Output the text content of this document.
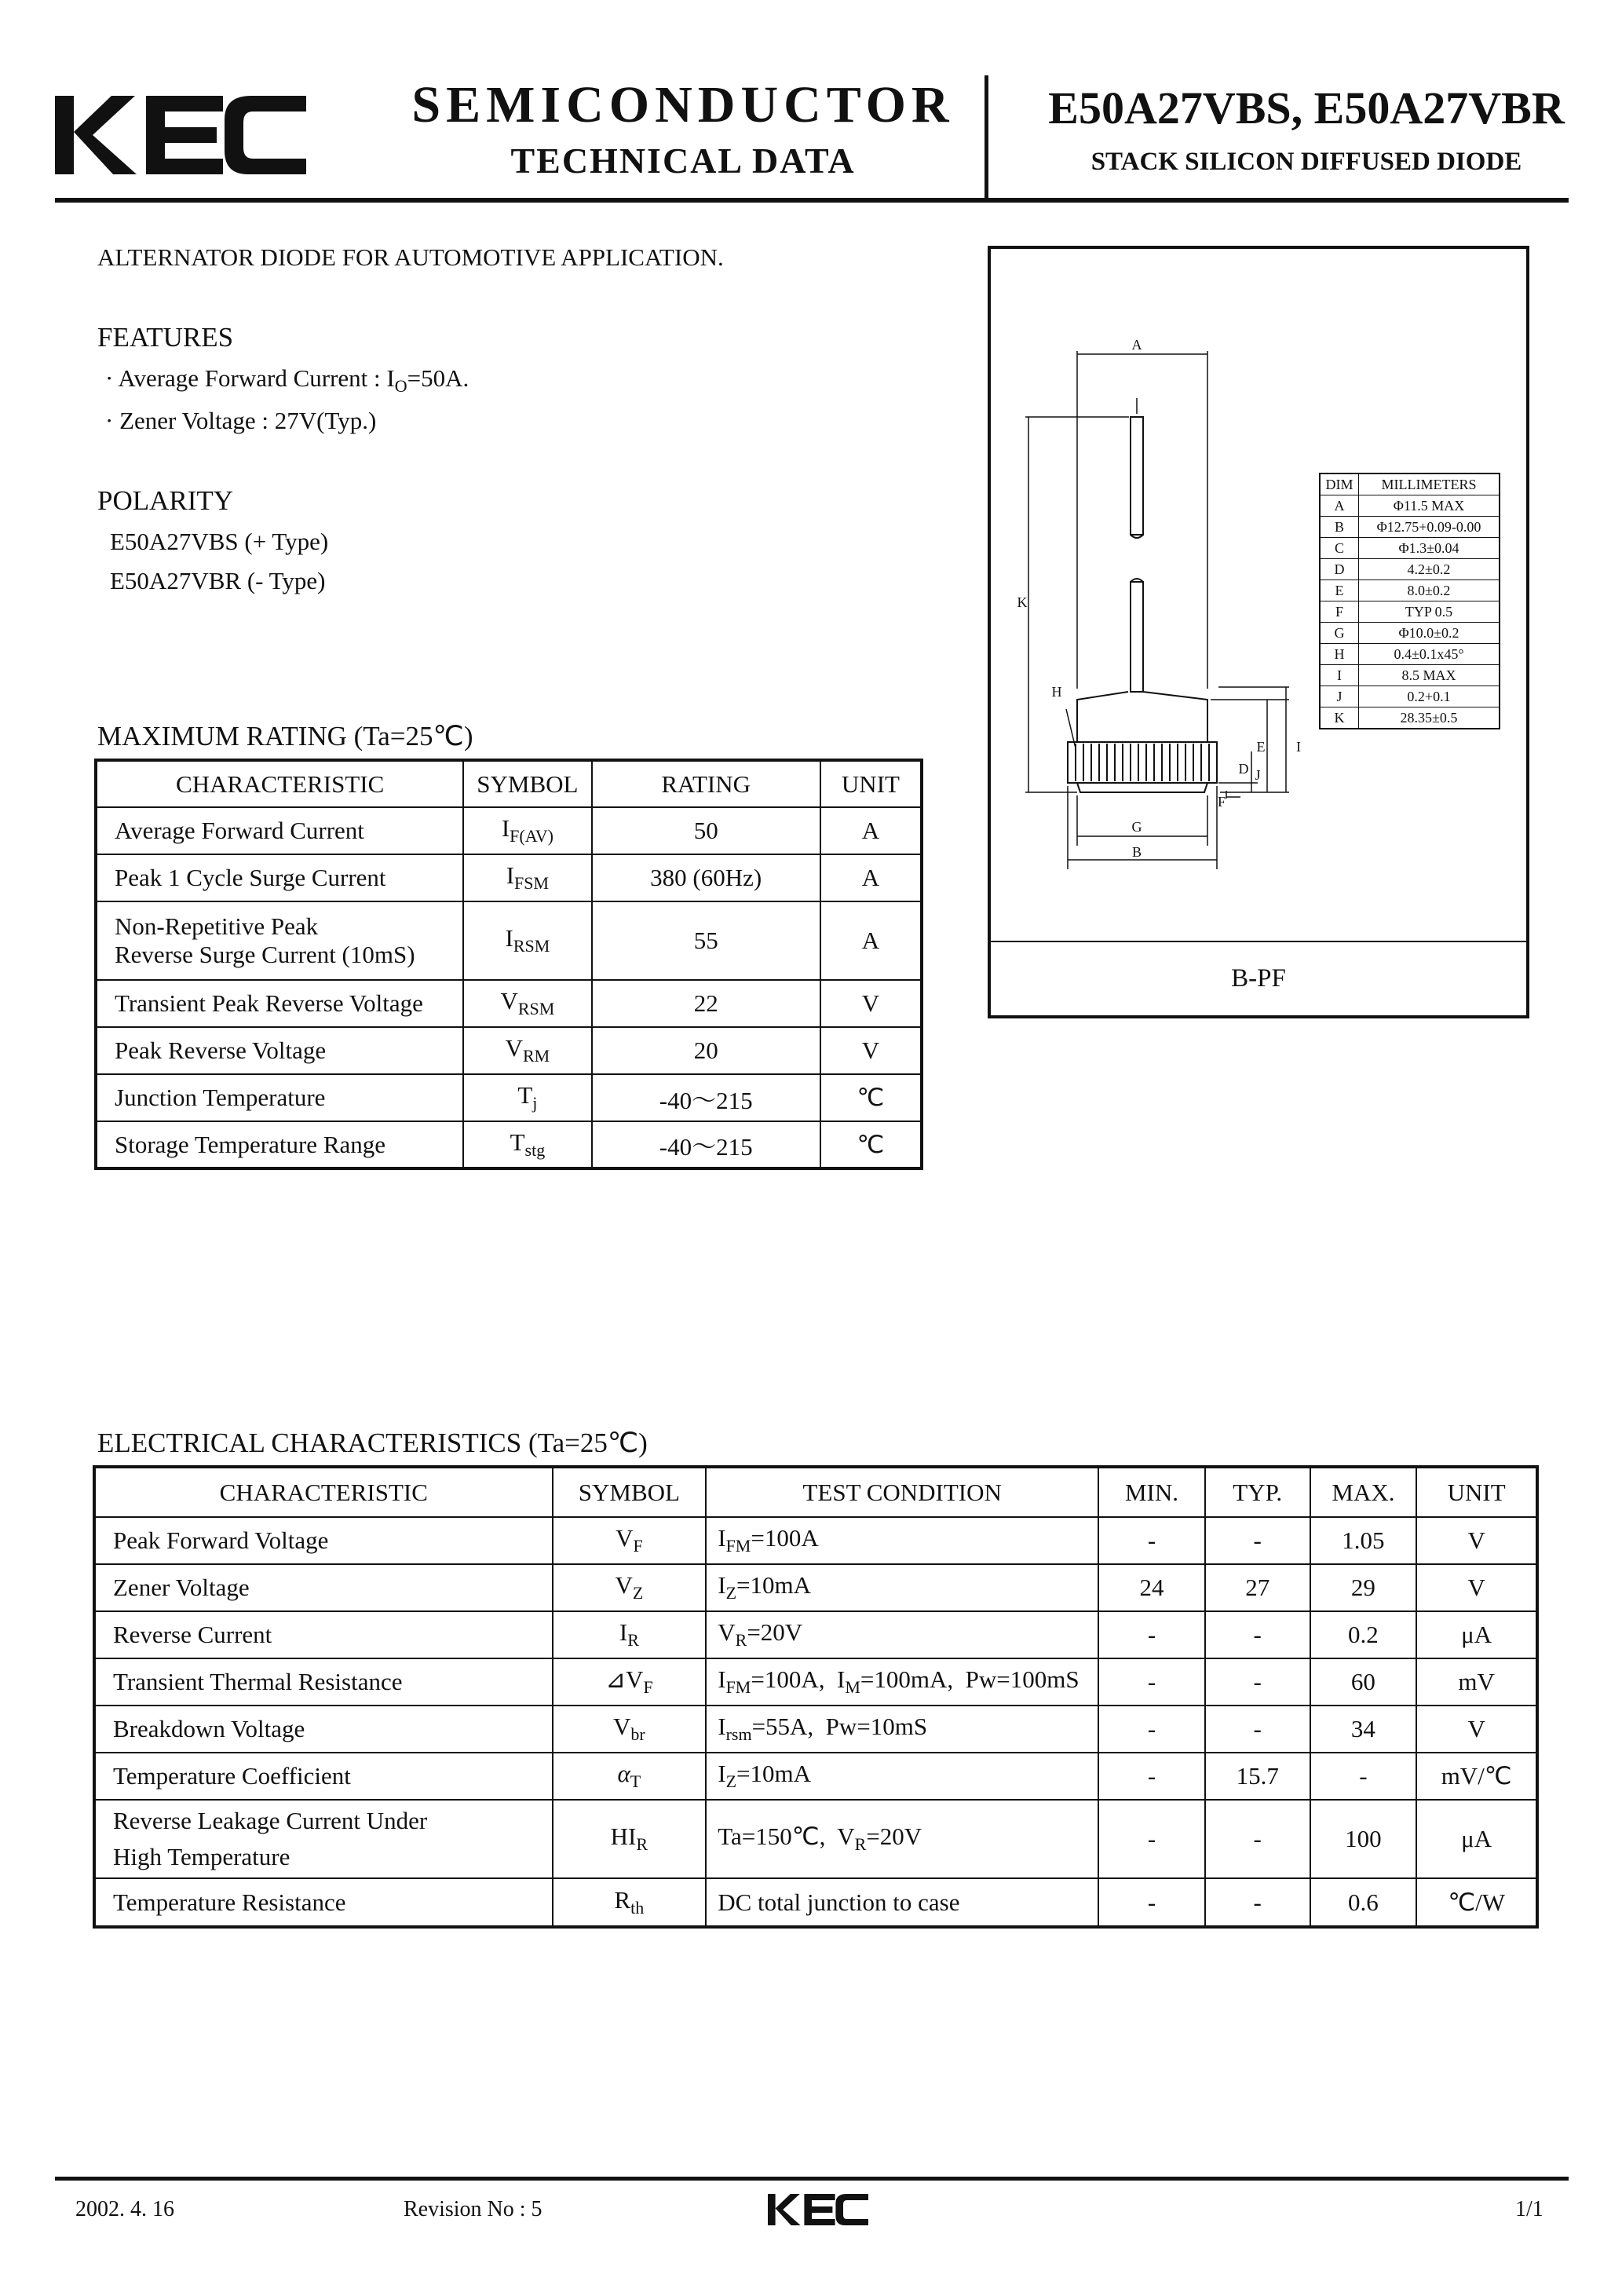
SEMICONDUCTOR
TECHNICAL DATA
E50A27VBS, E50A27VBR
STACK SILICON DIFFUSED DIODE
ALTERNATOR DIODE FOR AUTOMOTIVE APPLICATION.
FEATURES
· Average Forward Current : $I_O=50A$.
· Zener Voltage : 27V(Typ.)
POLARITY
E50A27VBS (+ Type)
E50A27VBR (- Type)
A
G
B
K
H
E I
D J
F
DIM	MILLIMETERS
A	Φ11.5 MAX
B	Φ12.75+0.09-0.00
C	Φ1.3±0.04
D	4.2±0.2
E	8.0±0.2
F	TYP 0.5
G	Φ10.0±0.2
H	0.4±0.1x45°
I	8.5 MAX
J	0.2+0.1
K	28.35±0.5
B-PF
MAXIMUM RATING (Ta=25℃)
CHARACTERISTIC	SYMBOL	RATING	UNIT
Average Forward Current	$I_{F(AV)}$	50	A
Peak 1 Cycle Surge Current	$I_{FSM}$	380 (60Hz)	A
Non-Repetitive Peak
Reverse Surge Current (10mS)	$I_{RSM}$	55	A
Transient Peak Reverse Voltage	$V_{RSM}$	22	V
Peak Reverse Voltage	$V_{RM}$	20	V
Junction Temperature	$T_j$	-40～215	℃
Storage Temperature Range	$T_{stg}$	-40～215	℃
ELECTRICAL CHARACTERISTICS (Ta=25℃)
CHARACTERISTIC	SYMBOL	TEST CONDITION	MIN.	TYP.	MAX.	UNIT
Peak Forward Voltage	$V_F$	$I_{FM}=100A$	-	-	1.05	V
Zener Voltage	$V_Z$	$I_Z=10mA$	24	27	29	V
Reverse Current	$I_R$	$V_R=20V$	-	-	0.2	μA
Transient Thermal Resistance	$⊿V_F$	$I_{FM}=100A$,  $I_M=100mA$,  Pw=100mS	-	-	60	mV
Breakdown Voltage	$V_{br}$	$I_{rsm}=55A$,  Pw=10mS	-	-	34	V
Temperature Coefficient	$\alpha_T$	$I_Z=10mA$	-	15.7	-	mV/℃
Reverse Leakage Current Under
High Temperature	$HI_R$	Ta=150℃,  $V_R=20V$	-	-	100	μA
Temperature Resistance	$R_{th}$	DC total junction to case	-	-	0.6	℃/W
2002. 4. 16	Revision No : 5	1/1
